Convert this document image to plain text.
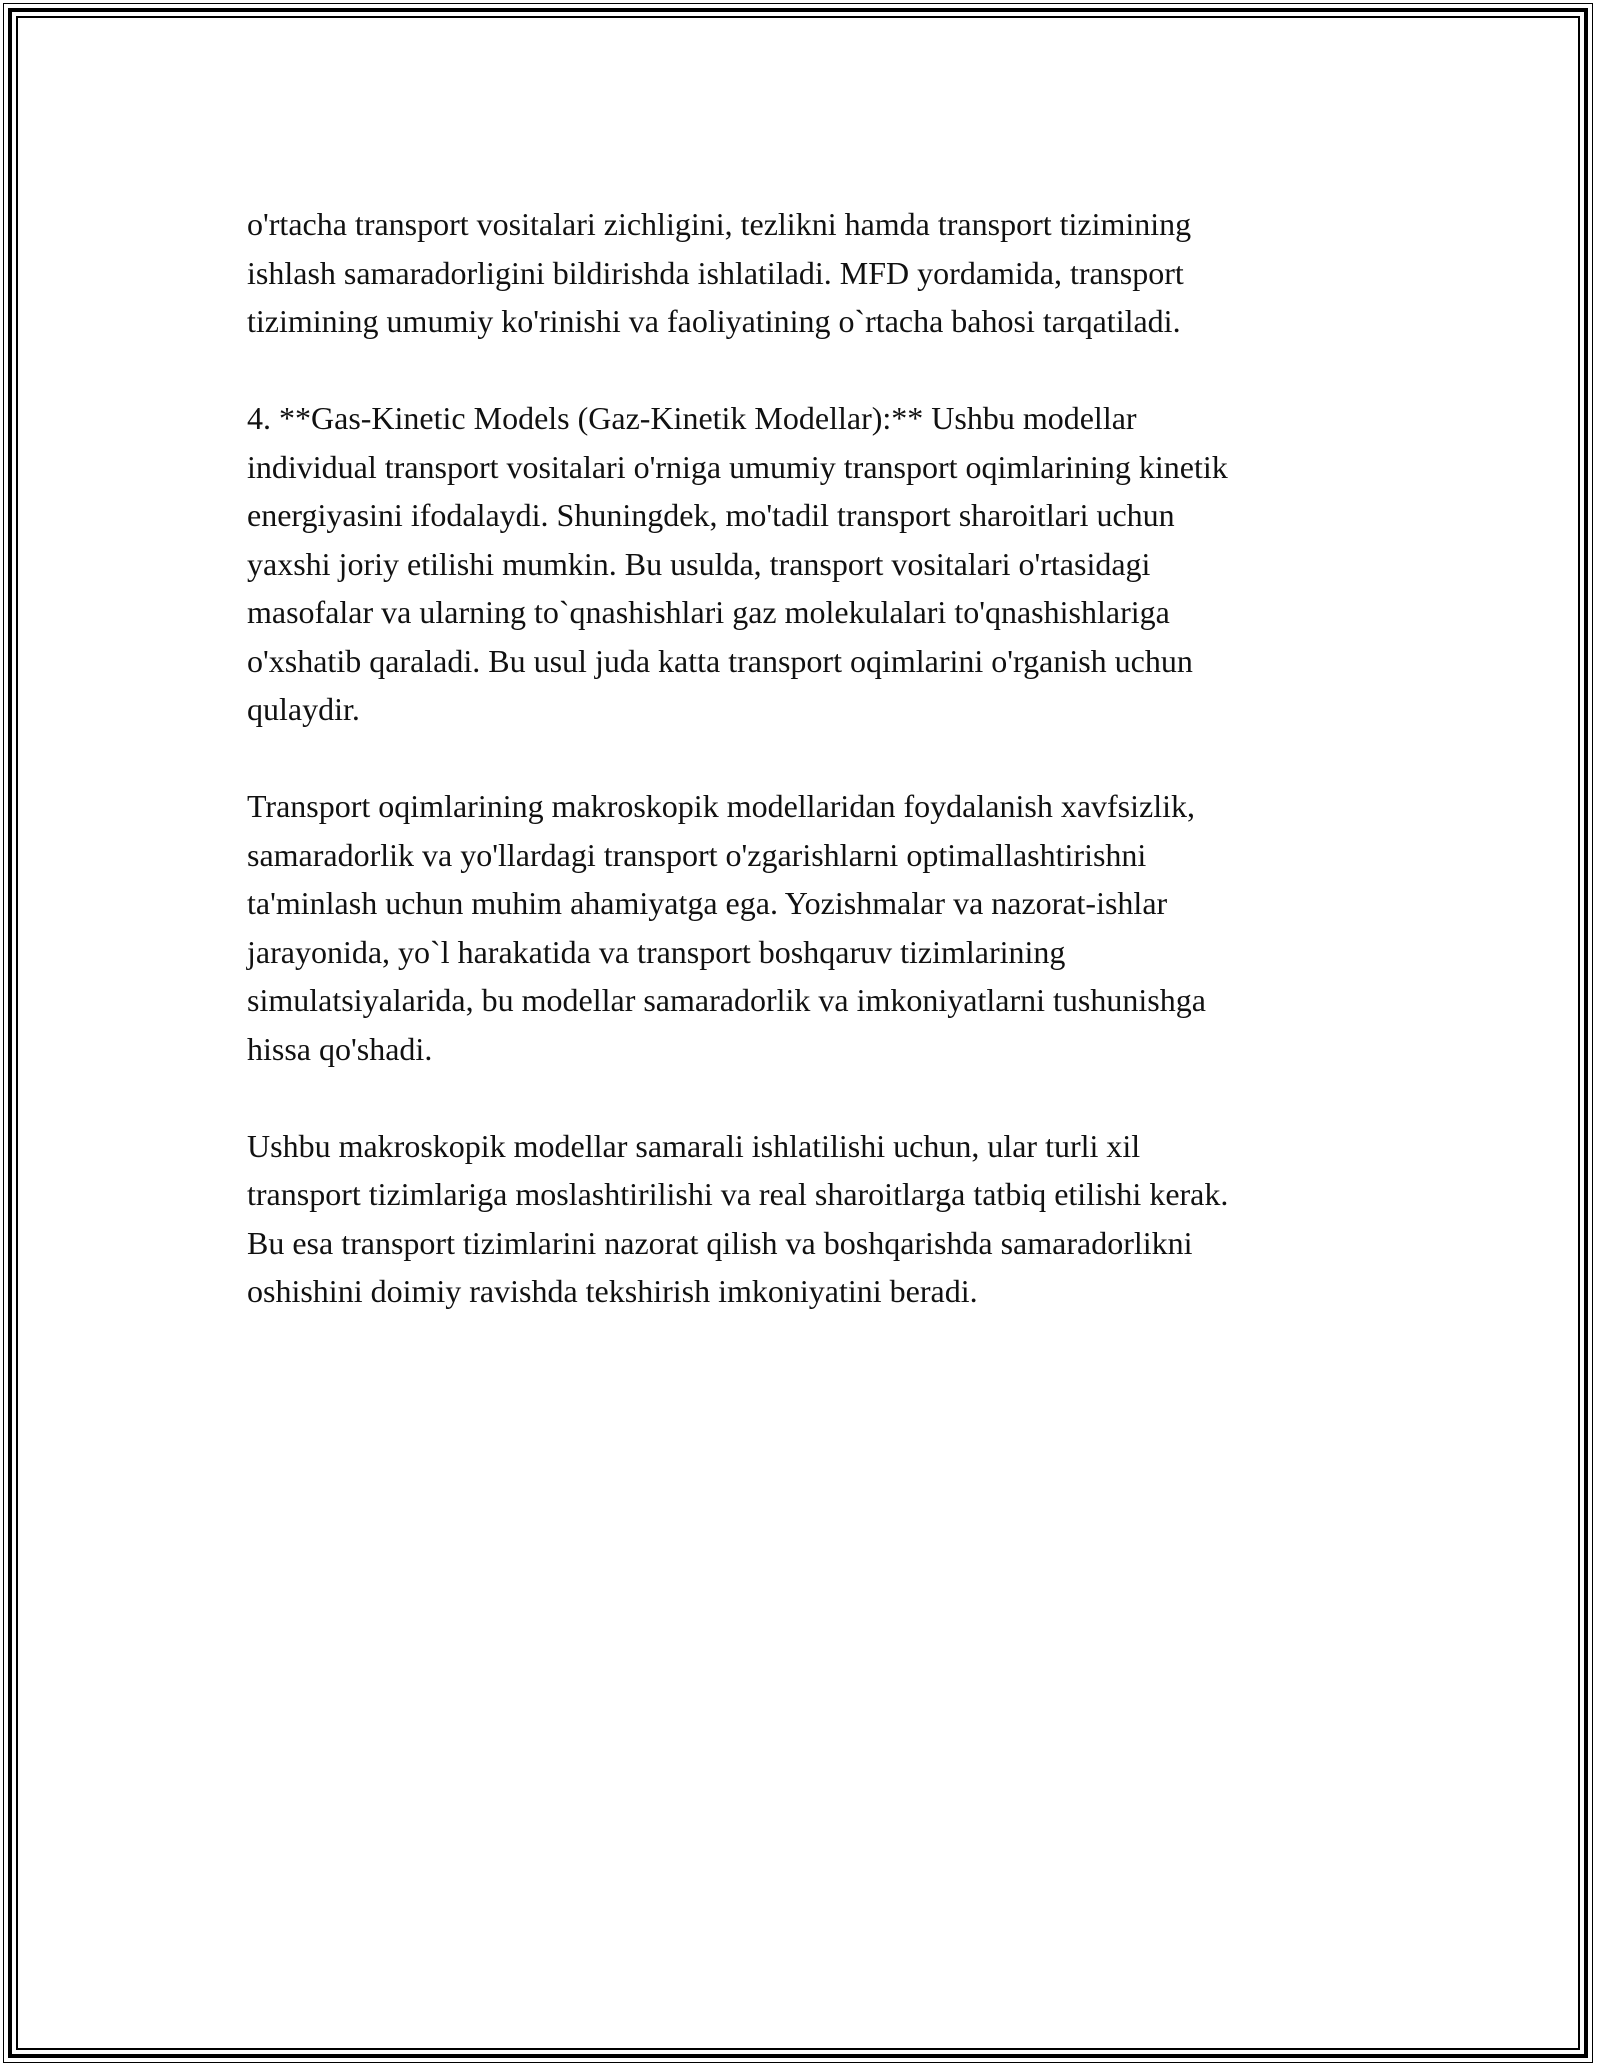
o'rtacha transport vositalari zichligini, tezlikni hamda transport tizimining
ishlash samaradorligini bildirishda ishlatiladi. MFD yordamida, transport
tizimining umumiy ko'rinishi va faoliyatining o`rtacha bahosi tarqatiladi.

4. **Gas-Kinetic Models (Gaz-Kinetik Modellar):** Ushbu modellar
individual transport vositalari o'rniga umumiy transport oqimlarining kinetik
energiyasini ifodalaydi. Shuningdek, mo'tadil transport sharoitlari uchun
yaxshi joriy etilishi mumkin. Bu usulda, transport vositalari o'rtasidagi
masofalar va ularning to`qnashishlari gaz molekulalari to'qnashishlariga
o'xshatib qaraladi. Bu usul juda katta transport oqimlarini o'rganish uchun
qulaydir.

Transport oqimlarining makroskopik modellaridan foydalanish xavfsizlik,
samaradorlik va yo'llardagi transport o'zgarishlarni optimallashtirishni
ta'minlash uchun muhim ahamiyatga ega. Yozishmalar va nazorat-ishlar
jarayonida, yo`l harakatida va transport boshqaruv tizimlarining
simulatsiyalarida, bu modellar samaradorlik va imkoniyatlarni tushunishga
hissa qo'shadi.

Ushbu makroskopik modellar samarali ishlatilishi uchun, ular turli xil
transport tizimlariga moslashtirilishi va real sharoitlarga tatbiq etilishi kerak.
Bu esa transport tizimlarini nazorat qilish va boshqarishda samaradorlikni
oshishini doimiy ravishda tekshirish imkoniyatini beradi.
